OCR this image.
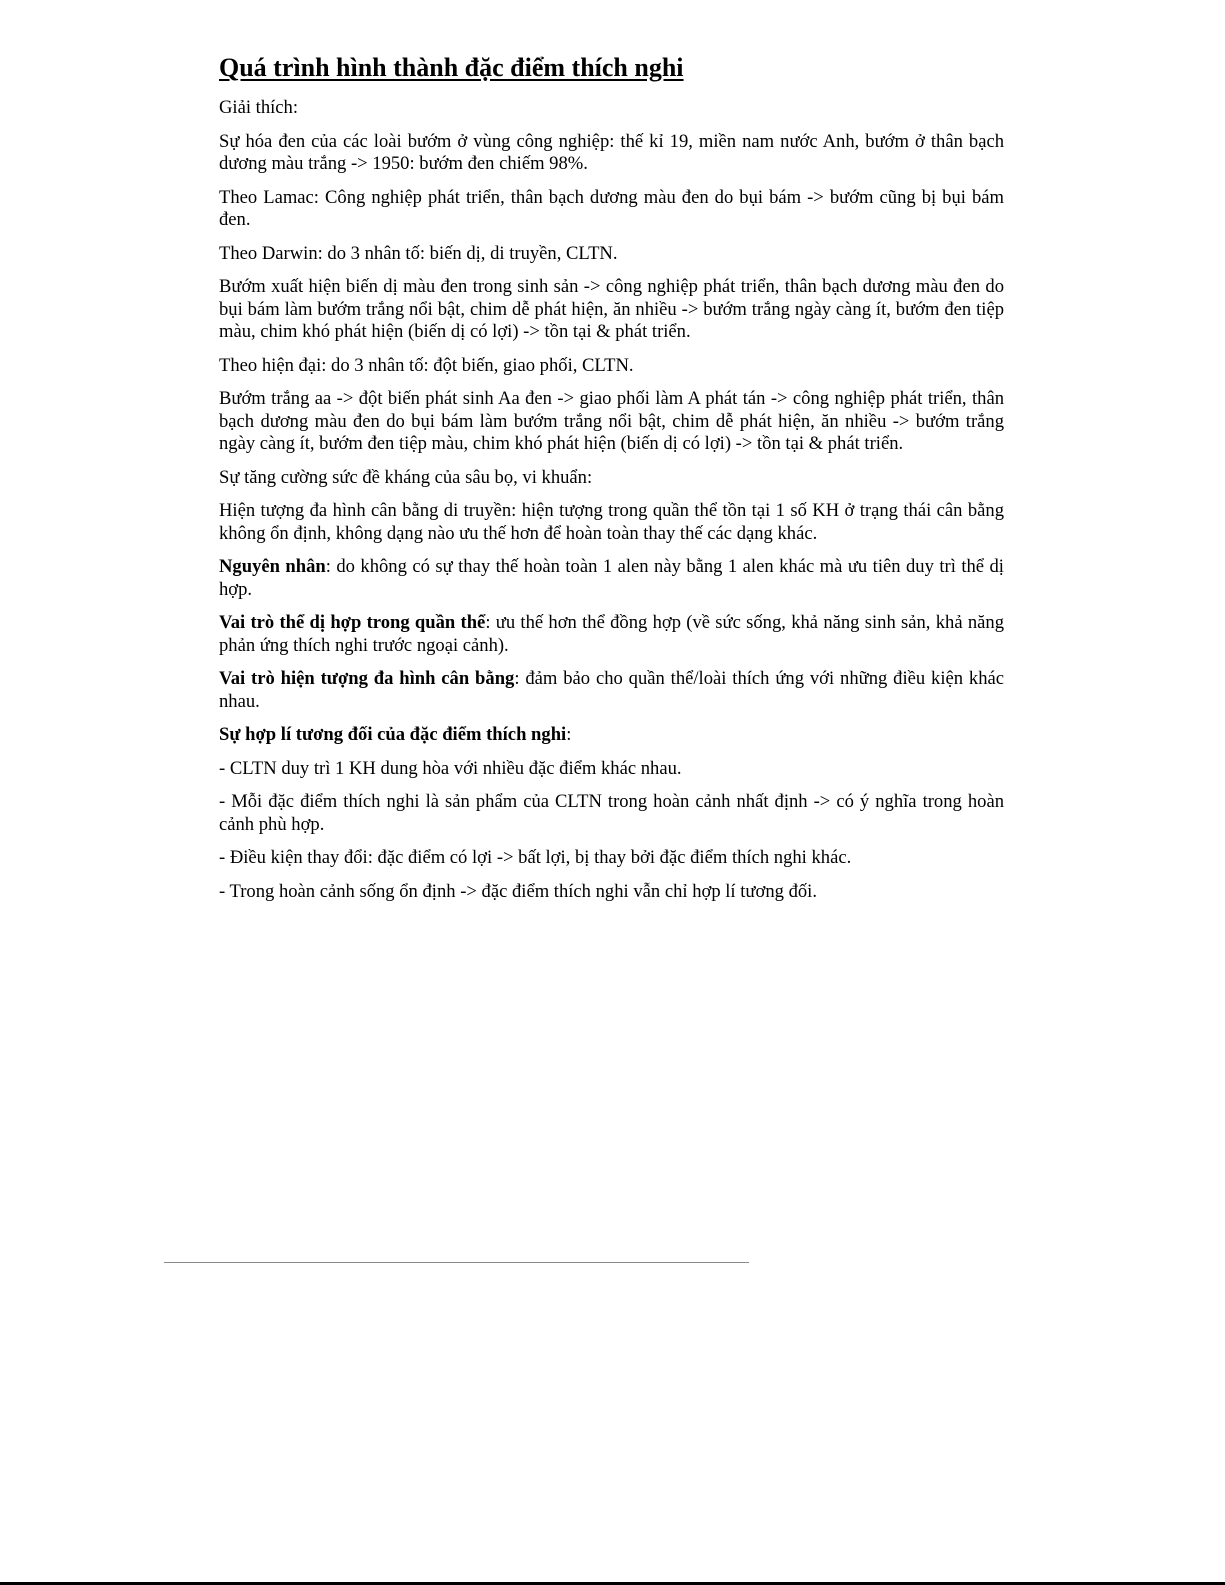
Quá trình hình thành đặc điểm thích nghi

Giải thích:

Sự hóa đen của các loài bướm ở vùng công nghiệp: thế kỉ 19, miền nam nước Anh, bướm ở thân bạch dương màu trắng -> 1950: bướm đen chiếm 98%.

Theo Lamac: Công nghiệp phát triển, thân bạch dương màu đen do bụi bám -> bướm cũng bị bụi bám đen.

Theo Darwin: do 3 nhân tố: biến dị, di truyền, CLTN.

Bướm xuất hiện biến dị màu đen trong sinh sản -> công nghiệp phát triển, thân bạch dương màu đen do bụi bám làm bướm trắng nổi bật, chim dễ phát hiện, ăn nhiều -> bướm trắng ngày càng ít, bướm đen tiệp màu, chim khó phát hiện (biến dị có lợi) -> tồn tại & phát triển.

Theo hiện đại: do 3 nhân tố: đột biến, giao phối, CLTN.

Bướm trắng aa -> đột biến phát sinh Aa đen -> giao phối làm A phát tán -> công nghiệp phát triển, thân bạch dương màu đen do bụi bám làm bướm trắng nổi bật, chim dễ phát hiện, ăn nhiều -> bướm trắng ngày càng ít, bướm đen tiệp màu, chim khó phát hiện (biến dị có lợi) -> tồn tại & phát triển.

Sự tăng cường sức đề kháng của sâu bọ, vi khuẩn:

Hiện tượng đa hình cân bằng di truyền: hiện tượng trong quần thể tồn tại 1 số KH ở trạng thái cân bằng không ổn định, không dạng nào ưu thế hơn để hoàn toàn thay thế các dạng khác.

Nguyên nhân: do không có sự thay thế hoàn toàn 1 alen này bằng 1 alen khác mà ưu tiên duy trì thể dị hợp.

Vai trò thể dị hợp trong quần thể: ưu thế hơn thể đồng hợp (về sức sống, khả năng sinh sản, khả năng phản ứng thích nghi trước ngoại cảnh).

Vai trò hiện tượng đa hình cân bằng: đảm bảo cho quần thể/loài thích ứng với những điều kiện khác nhau.

Sự hợp lí tương đối của đặc điểm thích nghi:

- CLTN duy trì 1 KH dung hòa với nhiều đặc điểm khác nhau.

- Mỗi đặc điểm thích nghi là sản phẩm của CLTN trong hoàn cảnh nhất định -> có ý nghĩa trong hoàn cảnh phù hợp.

- Điều kiện thay đổi: đặc điểm có lợi -> bất lợi, bị thay bởi đặc điểm thích nghi khác.

- Trong hoàn cảnh sống ổn định -> đặc điểm thích nghi vẫn chỉ hợp lí tương đối.
